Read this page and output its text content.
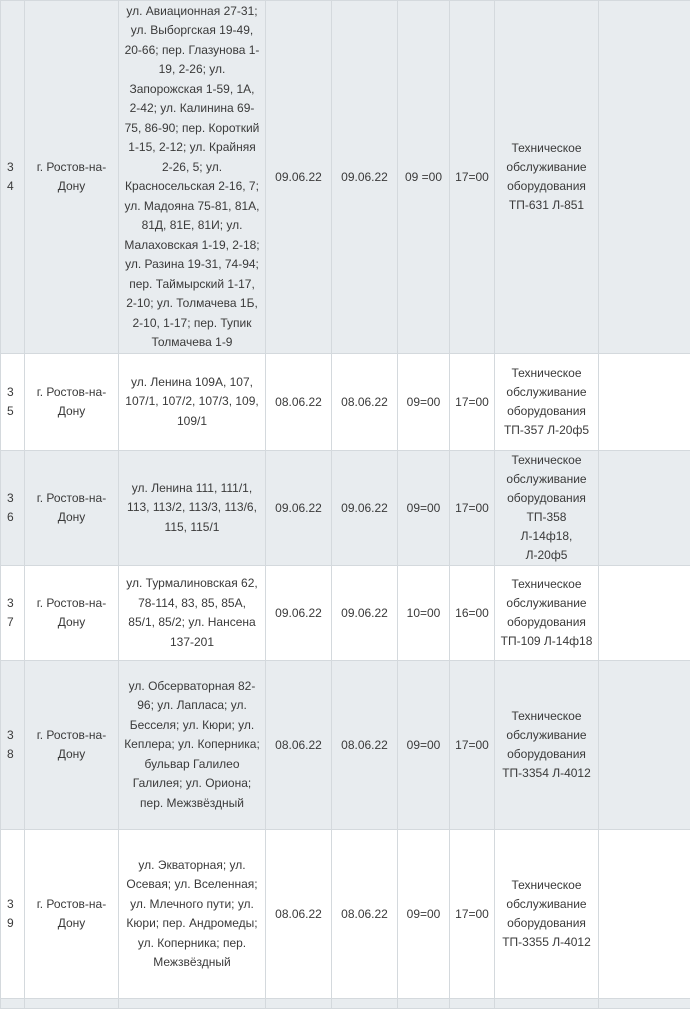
34	г. Ростов-на-Дону	ул. Авиационная 27-31; ул. Выборгская 19-49, 20-66; пер. Глазунова 1-19, 2-26; ул. Запорожская 1-59, 1А, 2-42; ул. Калинина 69-75, 86-90; пер. Короткий 1-15, 2-12; ул. Крайняя 2-26, 5; ул. Красносельская 2-16, 7; ул. Мадояна 75-81, 81А, 81Д, 81Е, 81И; ул. Малаховская 1-19, 2-18; ул. Разина 19-31, 74-94; пер. Таймырский 1-17, 2-10; ул. Толмачева 1Б, 2-10, 1-17; пер. Тупик Толмачева 1-9	09.06.22	09.06.22	09 =00	17=00	Техническое обслуживание оборудования ТП-631 Л-851	
35	г. Ростов-на-Дону	ул. Ленина 109А, 107, 107/1, 107/2, 107/3, 109, 109/1	08.06.22	08.06.22	09=00	17=00	Техническое обслуживание оборудования ТП-357 Л-20ф5	
36	г. Ростов-на-Дону	ул. Ленина 111, 111/1, 113, 113/2, 113/3, 113/6, 115, 115/1	09.06.22	09.06.22	09=00	17=00	Техническое обслуживание оборудования ТП-358 Л-14ф18, Л-20ф5	
37	г. Ростов-на-Дону	ул. Турмалиновская 62, 78-114, 83, 85, 85А, 85/1, 85/2; ул. Нансена 137-201	09.06.22	09.06.22	10=00	16=00	Техническое обслуживание оборудования ТП-109 Л-14ф18	
38	г. Ростов-на-Дону	ул. Обсерваторная 82-96; ул. Лапласа; ул. Бесселя; ул. Кюри; ул. Кеплера; ул. Коперника; бульвар Галилео Галилея; ул. Ориона; пер. Межзвёздный	08.06.22	08.06.22	09=00	17=00	Техническое обслуживание оборудования ТП-3354 Л-4012	
39	г. Ростов-на-Дону	ул. Экваторная; ул. Осевая; ул. Вселенная; ул. Млечного пути; ул. Кюри; пер. Андромеды; ул. Коперника; пер. Межзвёздный	08.06.22	08.06.22	09=00	17=00	Техническое обслуживание оборудования ТП-3355 Л-4012	
